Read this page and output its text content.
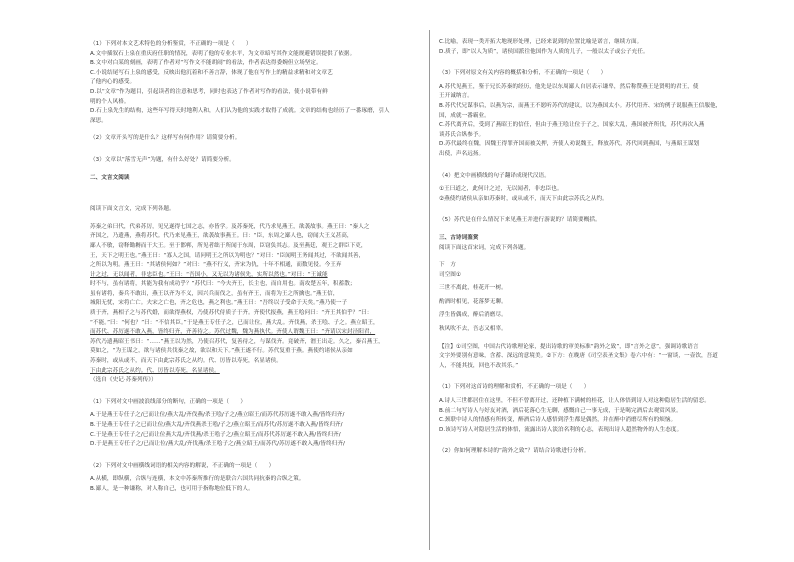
（1）下列对本文艺术特色的分析鉴赏，不正确的一项是（　　）
A.文中插叙石上泉在重庆府任职的情况，表明了他的专业水平，为文章暗写其作文能规避错误提供了依据。
B.文中对白某的刻画，表明了作者对“写作文不能胡闹”的看法，作者表达得委婉但立场坚定。
C.小说结尾写石上泉的感受，反映出他沉着和不善言辞，体现了他在写作上的精益求精和对文章艺
了他内心的感受。
D.以“文章”作为题目，引起读者的注意和思考，同时也表达了作者对写作的看法，使小说带有鲜
明的个人风格。
D.石上泉先生的结构，这些年写得天时地利人和，人们认为他的实践才取得了成就。文章的结构也经历了一番琢磨，引人
深思。
（2）文章开头写的是什么？这样写有何作用？请简要分析。
（3）文章以“落雪无声”为题，有什么好处？请简要分析。
二、文言文阅读
阅读下面文言文，完成下列各题。
苏秦之弟曰代，代弟苏厉，见兄遂得七国之志，亦皆学。及苏秦死，代乃求见燕王，欲袭故事。燕王曰：“秦人之
齐国之，乃遗燕，燕将苏代。代乃来见燕王，欲袭故事燕王。曰：“臣，东周之鄙人也，窃闻大王义甚高，
鄙人不敏，窃释锄耨而干大王。至于邯郸，所见者绌于所闻于东周，臣窃负其志。及至燕廷，观王之群臣下吏，
王，天下之明王也。”燕王曰：“寡人之国，请问明王之所以为明也？”对曰：“臣闻明王务闻其过，不欲闻其善，
之所以为明。燕王曰：“其诸侯何如？”对曰：“燕不行义，齐宋为仇，十年不相通，而数见侵。今王弃
计之过，无以闻者，非忠臣也。”王曰：“吾国小，又无以为诸侯先，实所以然也。”对曰：“王诚能
时不与，虽有诸将，其能为我有成功乎？”苏代曰：“今夫齐王，长主也，而自用也。南攻楚五年，积蓄散；
虽有诸将，秦兵不敢出，燕王以齐为不义，因兴兵而伐之，虽有齐王，而将为王之所擒也。”燕王信，
城阳无忧，宋将亡亡。夫宋之亡也，齐之危也，燕之利也。”燕王曰：“吾终以子受命于天矣。”燕乃使一子
质于齐，燕相子之与苏代婚，而欲得燕权，乃使苏代侍质子于齐。齐使代报燕，燕王哙问曰：“齐王其伯乎？”曰：
“不能。”曰：“何也？”曰：“不信其臣。”于是燕王专任子之，已而让位，燕大乱。齐伐燕，杀王哙、子之。燕立昭王，
而苏代、苏厉遂不敢入燕，皆终归齐，齐善待之。苏代过魏，魏为燕执代。齐使人谓魏王曰：“齐请以宋封泾阳君，
苏代乃遗燕昭王书曰：“……”燕王以为然，乃使召苏代，复善待之，与谋伐齐。竟破齐，湣王出走。久之，秦召燕王，
莫如之，“为王谋之，欲与诸侯共伐秦之故，欲以和天下。”燕王遂不行。苏代复重于燕。燕使约诸侯从亲如
苏秦时，或从或不，而天下由此宗苏氏之从约。代、厉皆以寿死，名显诸侯。
下由此宗苏氏之从约。代、厉皆以寿死，名显诸侯。
（选自《史记·苏秦列传》）
（1）下列对文中画波浪线部分的断句，正确的一项是（　　）
A.于是燕王专任子之/已而让位/燕大乱/齐伐燕/杀王哙/子之/燕立昭王/而苏代苏厉遂不敢入燕/皆终归齐/
B.于是燕王专任子之已而让位/燕大乱/齐伐燕杀王哙/子之/燕立昭王/而苏代/苏厉遂不敢入燕/皆终归齐/
C.于是燕王专任子之/已而让位燕大乱/齐伐燕/杀王哙子之/燕立昭王/而苏代苏厉遂不敢入燕/皆终归齐/
D.于是燕王专任子之/已而让位/燕大乱/齐伐燕/杀王哙子之/燕立昭王/而苏代/苏厉遂不敢入燕/皆终归齐/
（2）下列对文中画横线词语的相关内容的解说，不正确的一项是（　　）
A.从横，即纵横，合纵与连横，本文中苏秦所推行的是联合六国共同抗秦的合纵之策。
B.鄙人，是一种谦称，对人称自己，也可用于指称地位低下的人。
C.比喻，表现一类开拓大地现形处理，已经来说到的位置比喻是诺言，继续方面。
D.质子，即“以人为质”，诸侯国派往他国作为人质的儿子，一般以太子或公子充任。
（3）下列对原文有关内容的概括和分析，不正确的一项是（　　）
A.苏代见燕王，鉴于兄长苏秦的经历，他先是以东周鄙人自居表示谦卑，然后称赞燕王是贤明的君王，使
王开诚纳言。
B.苏代代兄谋事后，以燕为宗，而燕王不愿听苏代的建议，以为燕国太小。苏代用齐、宋的例子说服燕王信服他，
国，成就一番霸业。
C.苏代离齐后，受到了燕昭王的信任，但由于燕王哙让位于子之，国家大乱，燕国被齐所伐，苏代再次入燕
谈苏氏合纵参予。
D.苏代最终在魏，因魏王得罪齐国而被关押，齐使人劝说魏王，释放苏代，苏代回到燕国，与燕昭王谋划
出使，声名远扬。
（4）把文中画横线的句子翻译成现代汉语。
①王曰道之，此何计之过，无以闻者，非忠臣也。
②燕使约诸侯从亲如苏秦时，或从或不，而天下由此宗苏氏之从约。
（5）苏代是在什么情况下来见燕王并进行游说的？请简要概括。
三、古诗词鉴赏
阅读下面这首宋词，完成下列各题。
下　方
司空图①
三世不离此，桂花开一树。
酌酒时相见，花落梦无聊。
浮生皆偶成，醉后消磨尽。
秋风吹不去，吾志又相辜。
【注】①司空图，中国古代诗歌理论家，提出诗歌的审美标准“韵外之致”，即“言外之意”，强调诗歌语言
文字外要别有意味，含蓄、深远的意境美。②下方：在晚唐《司空表圣文集》卷六中有：“一窗谈，一壶饮，吾道
人，不能其技，回也不改其乐。”
（1）下列对这首诗的理解和赏析，不正确的一项是（　　）
A.诗人三世都居住在这里，不但不曾离开过，还种植下满树的桂花，让人体悟到诗人对这种隐居生活的留恋。
B.前二句写诗人与好友对酒，酒后花落心生无聊，感慨自己一事无成，于是喝完酒后去观赏风景。
C.颈联中诗人的情感有所转变，醉酒后诗人感悟到浮生都是偶然，并在醉中消磨尽所有的烦恼。
D.该诗写诗人对隐居生活的体悟，流露出诗人淡泊名利的心志，表现出诗人超然物外的人生态度。
（2）你如何理解本诗的“韵外之致”？请结合诗歌进行分析。
